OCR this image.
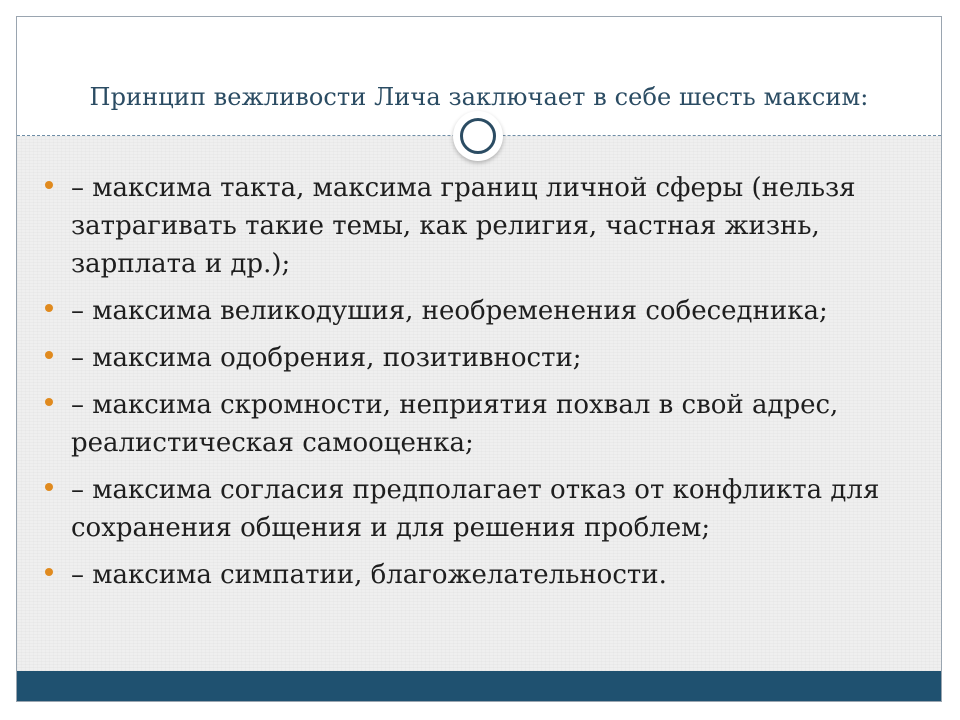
Принцип вежливости Лича заключает в себе шесть максим:
– максима такта, максима границ личной сферы (нельзя затрагивать такие темы, как религия, частная жизнь, зарплата и др.);
– максима великодушия, необременения собеседника;
– максима одобрения, позитивности;
– максима скромности, неприятия похвал в свой адрес, реалистическая самооценка;
– максима согласия предполагает отказ от конфликта для сохранения общения и для решения проблем;
– максима симпатии, благожелательности.
